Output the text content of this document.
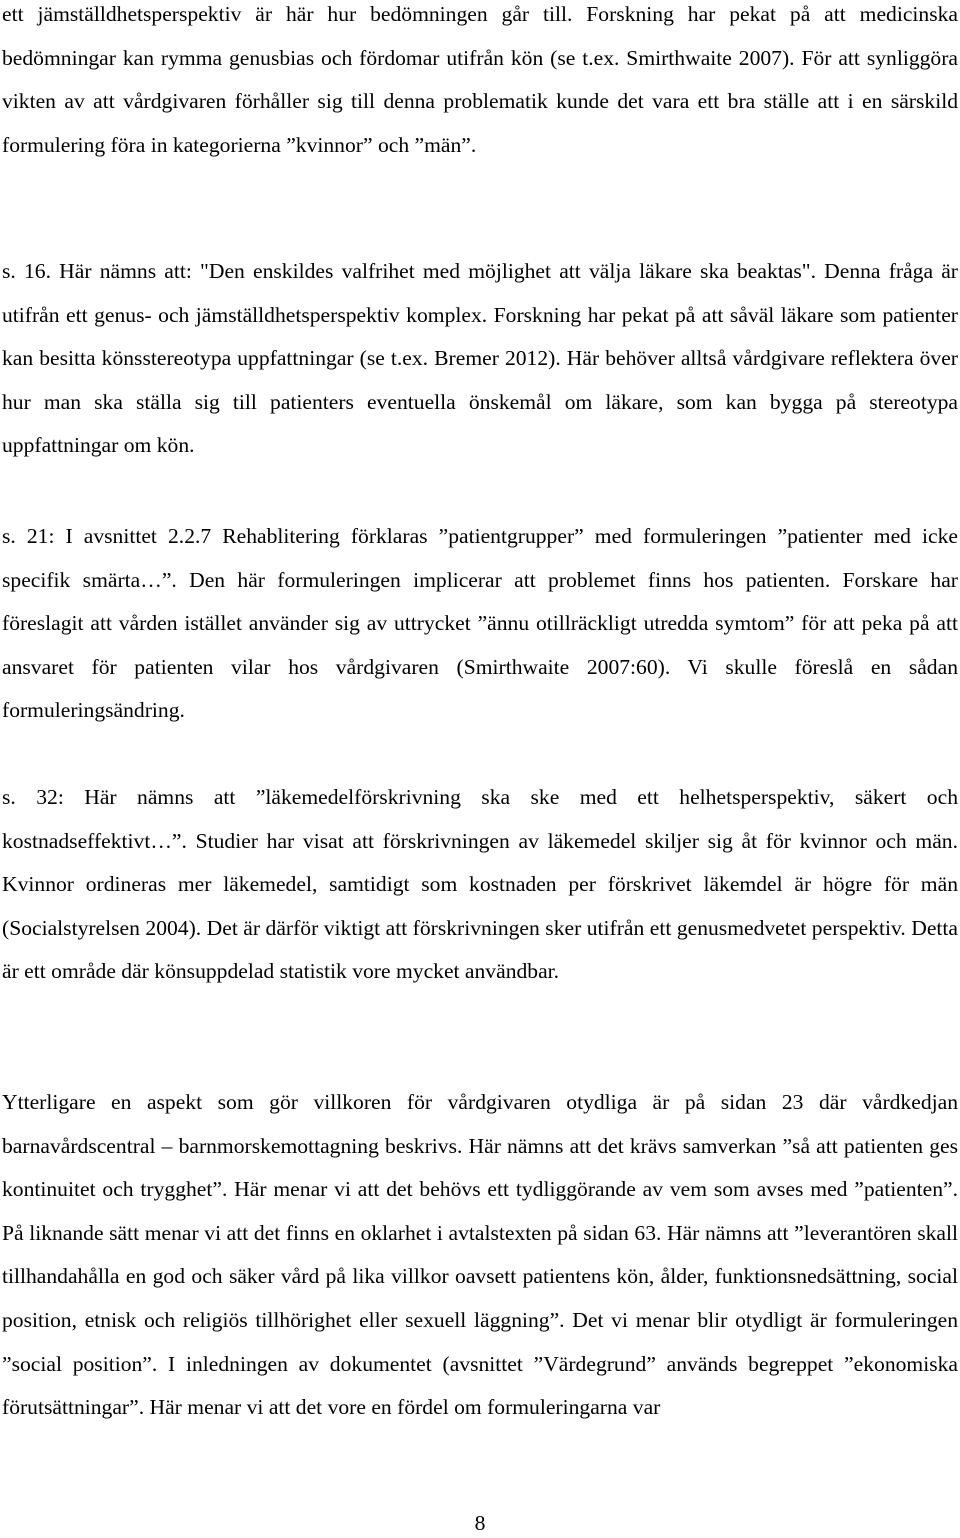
ett jämställdhetsperspektiv är här hur bedömningen går till. Forskning har pekat på att medicinska bedömningar kan rymma genusbias och fördomar utifrån kön (se t.ex. Smirthwaite 2007). För att synliggöra vikten av att vårdgivaren förhåller sig till denna problematik kunde det vara ett bra ställe att i en särskild formulering föra in kategorierna ”kvinnor” och ”män”.

s. 16. Här nämns att: "Den enskildes valfrihet med möjlighet att välja läkare ska beaktas". Denna fråga är utifrån ett genus- och jämställdhetsperspektiv komplex. Forskning har pekat på att såväl läkare som patienter kan besitta könsstereotypa uppfattningar (se t.ex. Bremer 2012). Här behöver alltså vårdgivare reflektera över hur man ska ställa sig till patienters eventuella önskemål om läkare, som kan bygga på stereotypa uppfattningar om kön.

s. 21: I avsnittet 2.2.7 Rehablitering förklaras ”patientgrupper” med formuleringen ”patienter med icke specifik smärta…”. Den här formuleringen implicerar att problemet finns hos patienten. Forskare har föreslagit att vården istället använder sig av uttrycket ”ännu otillräckligt utredda symtom” för att peka på att ansvaret för patienten vilar hos vårdgivaren (Smirthwaite 2007:60). Vi skulle föreslå en sådan formuleringsändring.

s. 32: Här nämns att ”läkemedelförskrivning ska ske med ett helhetsperspektiv, säkert och kostnadseffektivt…”. Studier har visat att förskrivningen av läkemedel skiljer sig åt för kvinnor och män. Kvinnor ordineras mer läkemedel, samtidigt som kostnaden per förskrivet läkemdel är högre för män (Socialstyrelsen 2004). Det är därför viktigt att förskrivningen sker utifrån ett genusmedvetet perspektiv. Detta är ett område där könsuppdelad statistik vore mycket användbar.

Ytterligare en aspekt som gör villkoren för vårdgivaren otydliga är på sidan 23 där vårdkedjan barnavårdscentral – barnmorskemottagning beskrivs. Här nämns att det krävs samverkan ”så att patienten ges kontinuitet och trygghet”. Här menar vi att det behövs ett tydliggörande av vem som avses med ”patienten”. På liknande sätt menar vi att det finns en oklarhet i avtalstexten på sidan 63. Här nämns att ”leverantören skall tillhandahålla en god och säker vård på lika villkor oavsett patientens kön, ålder, funktionsnedsättning, social position, etnisk och religiös tillhörighet eller sexuell läggning”. Det vi menar blir otydligt är formuleringen ”social position”. I inledningen av dokumentet (avsnittet ”Värdegrund” används begreppet ”ekonomiska förutsättningar”. Här menar vi att det vore en fördel om formuleringarna var

8
